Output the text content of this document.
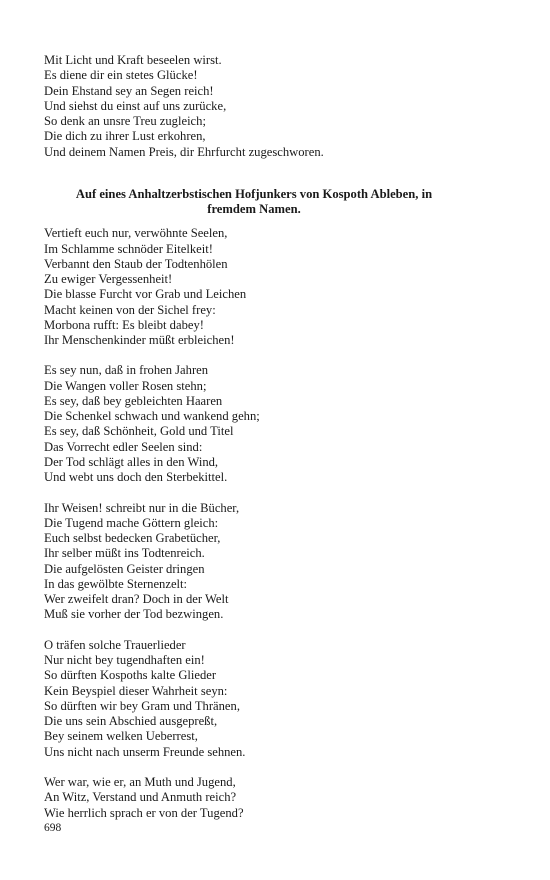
Mit Licht und Kraft beseelen wirst.

Es diene dir ein stetes Glücke!

Dein Ehstand sey an Segen reich!

Und siehst du einst auf uns zurücke,

So denk an unsre Treu zugleich;

Die dich zu ihrer Lust erkohren,

Und deinem Namen Preis, dir Ehrfurcht zugeschworen.

Auf eines Anhaltzerbstischen Hofjunkers von Kospoth Ableben, in

fremdem Namen.

Vertieft euch nur, verwöhnte Seelen,

Im Schlamme schnöder Eitelkeit!

Verbannt den Staub der Todtenhölen

Zu ewiger Vergessenheit!

Die blasse Furcht vor Grab und Leichen

Macht keinen von der Sichel frey:

Morbona rufft: Es bleibt dabey!

Ihr Menschenkinder müßt erbleichen!

Es sey nun, daß in frohen Jahren

Die Wangen voller Rosen stehn;

Es sey, daß bey gebleichten Haaren

Die Schenkel schwach und wankend gehn;

Es sey, daß Schönheit, Gold und Titel

Das Vorrecht edler Seelen sind:

Der Tod schlägt alles in den Wind,

Und webt uns doch den Sterbekittel.

Ihr Weisen! schreibt nur in die Bücher,

Die Tugend mache Göttern gleich:

Euch selbst bedecken Grabetücher,

Ihr selber müßt ins Todtenreich.

Die aufgelösten Geister dringen

In das gewölbte Sternenzelt:

Wer zweifelt dran? Doch in der Welt

Muß sie vorher der Tod bezwingen.

O träfen solche Trauerlieder

Nur nicht bey tugendhaften ein!

So dürften Kospoths kalte Glieder

Kein Beyspiel dieser Wahrheit seyn:

So dürften wir bey Gram und Thränen,

Die uns sein Abschied ausgepreßt,

Bey seinem welken Ueberrest,

Uns nicht nach unserm Freunde sehnen.

Wer war, wie er, an Muth und Jugend,

An Witz, Verstand und Anmuth reich?

Wie herrlich sprach er von der Tugend?

698
